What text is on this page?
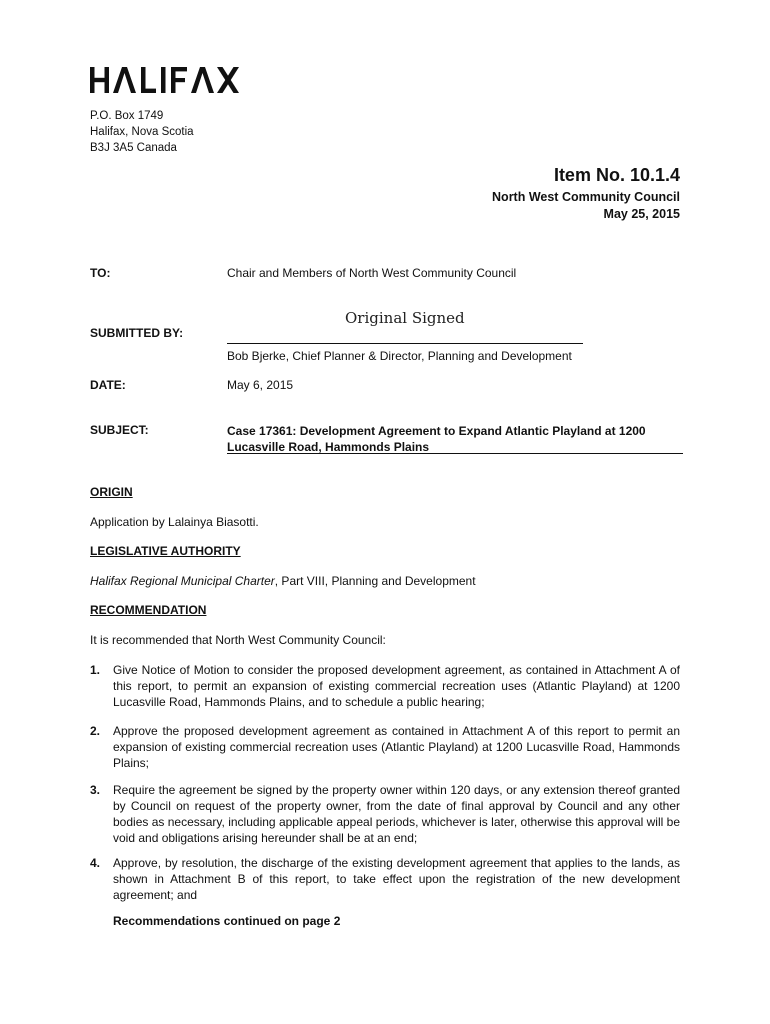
P.O. Box 1749
Halifax, Nova Scotia
B3J 3A5 Canada
Item No. 10.1.4
North West Community Council
May 25, 2015
TO:	Chair and Members of North West Community Council
Original Signed
SUBMITTED BY:
Bob Bjerke, Chief Planner & Director, Planning and Development
DATE:	May 6, 2015
SUBJECT:	Case 17361: Development Agreement to Expand Atlantic Playland at 1200 Lucasville Road, Hammonds Plains
ORIGIN
Application by Lalainya Biasotti.
LEGISLATIVE AUTHORITY
Halifax Regional Municipal Charter, Part VIII, Planning and Development
RECOMMENDATION
It is recommended that North West Community Council:
1. Give Notice of Motion to consider the proposed development agreement, as contained in Attachment A of this report, to permit an expansion of existing commercial recreation uses (Atlantic Playland) at 1200 Lucasville Road, Hammonds Plains, and to schedule a public hearing;
2. Approve the proposed development agreement as contained in Attachment A of this report to permit an expansion of existing commercial recreation uses (Atlantic Playland) at 1200 Lucasville Road, Hammonds Plains;
3. Require the agreement be signed by the property owner within 120 days, or any extension thereof granted by Council on request of the property owner, from the date of final approval by Council and any other bodies as necessary, including applicable appeal periods, whichever is later, otherwise this approval will be void and obligations arising hereunder shall be at an end;
4. Approve, by resolution, the discharge of the existing development agreement that applies to the lands, as shown in Attachment B of this report, to take effect upon the registration of the new development agreement; and
Recommendations continued on page 2
